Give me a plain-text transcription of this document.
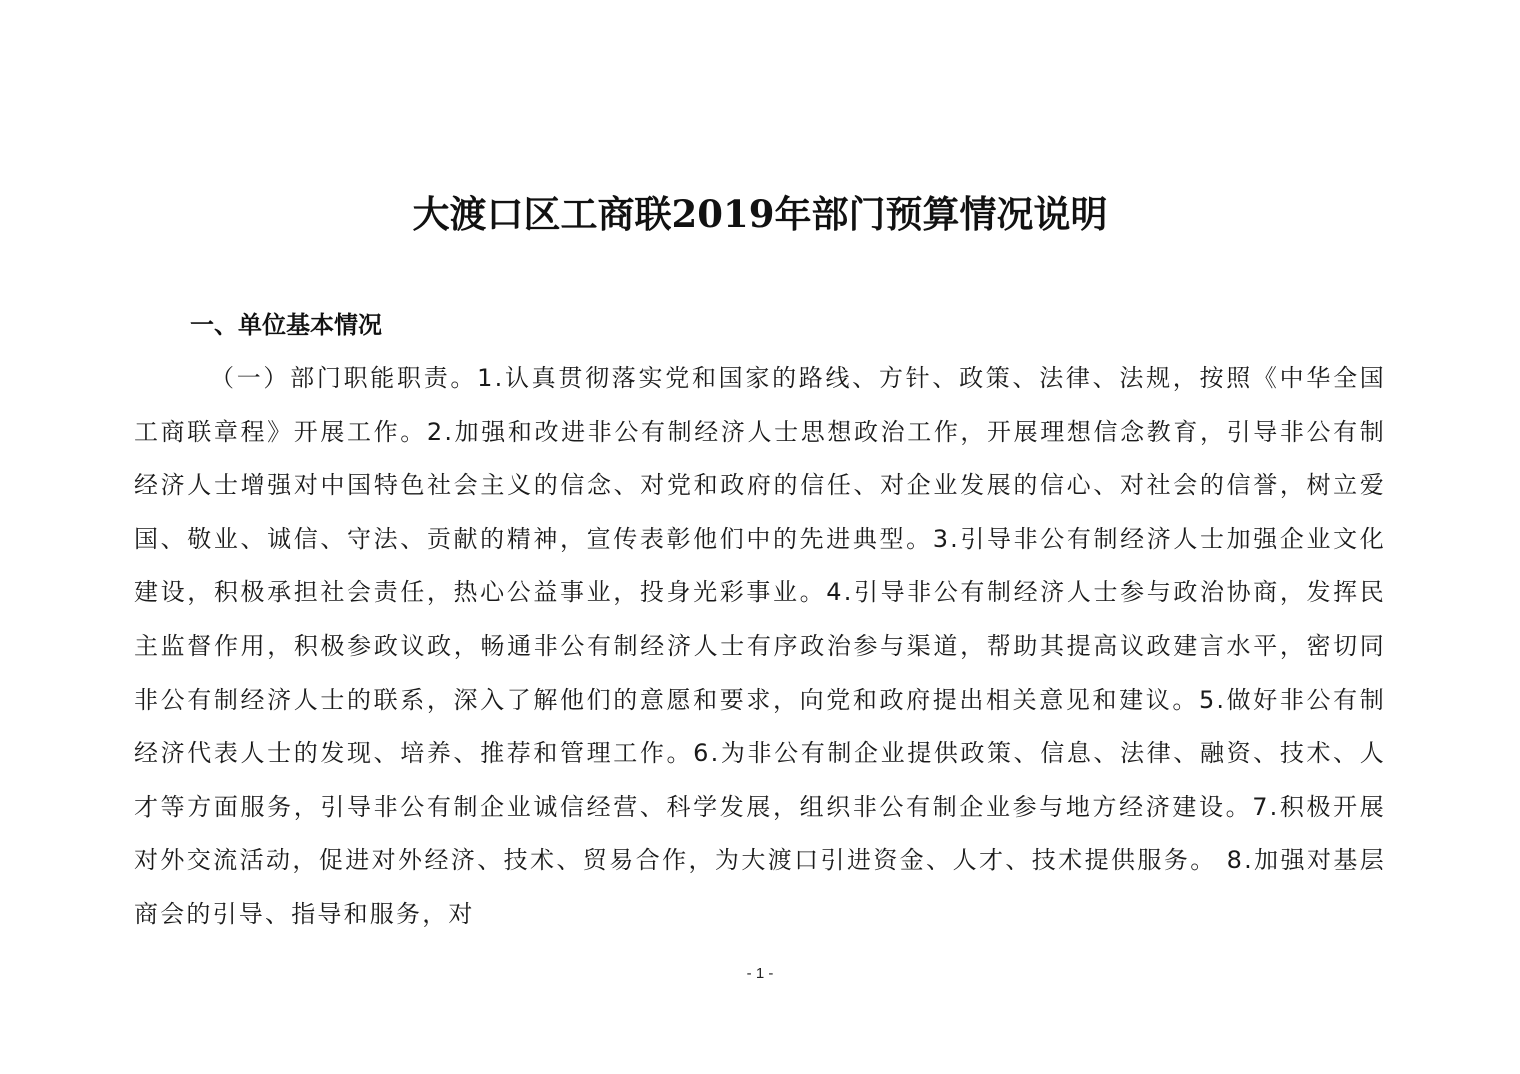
大渡口区工商联2019年部门预算情况说明
一、单位基本情况

（一）部门职能职责。1.认真贯彻落实党和国家的路线、方针、政策、法律、法规，按照《中华全国工商联章程》开展工作。2.加强和改进非公有制经济人士思想政治工作，开展理想信念教育，引导非公有制经济人士增强对中国特色社会主义的信念、对党和政府的信任、对企业发展的信心、对社会的信誉，树立爱国、敬业、诚信、守法、贡献的精神，宣传表彰他们中的先进典型。3.引导非公有制经济人士加强企业文化建设，积极承担社会责任，热心公益事业，投身光彩事业。4.引导非公有制经济人士参与政治协商，发挥民主监督作用，积极参政议政，畅通非公有制经济人士有序政治参与渠道，帮助其提高议政建言水平，密切同非公有制经济人士的联系，深入了解他们的意愿和要求，向党和政府提出相关意见和建议。5.做好非公有制经济代表人士的发现、培养、推荐和管理工作。6.为非公有制企业提供政策、信息、法律、融资、技术、人才等方面服务，引导非公有制企业诚信经营、科学发展，组织非公有制企业参与地方经济建设。7.积极开展对外交流活动，促进对外经济、技术、贸易合作，为大渡口引进资金、人才、技术提供服务。 8.加强对基层商会的引导、指导和服务，对

- 1 -
